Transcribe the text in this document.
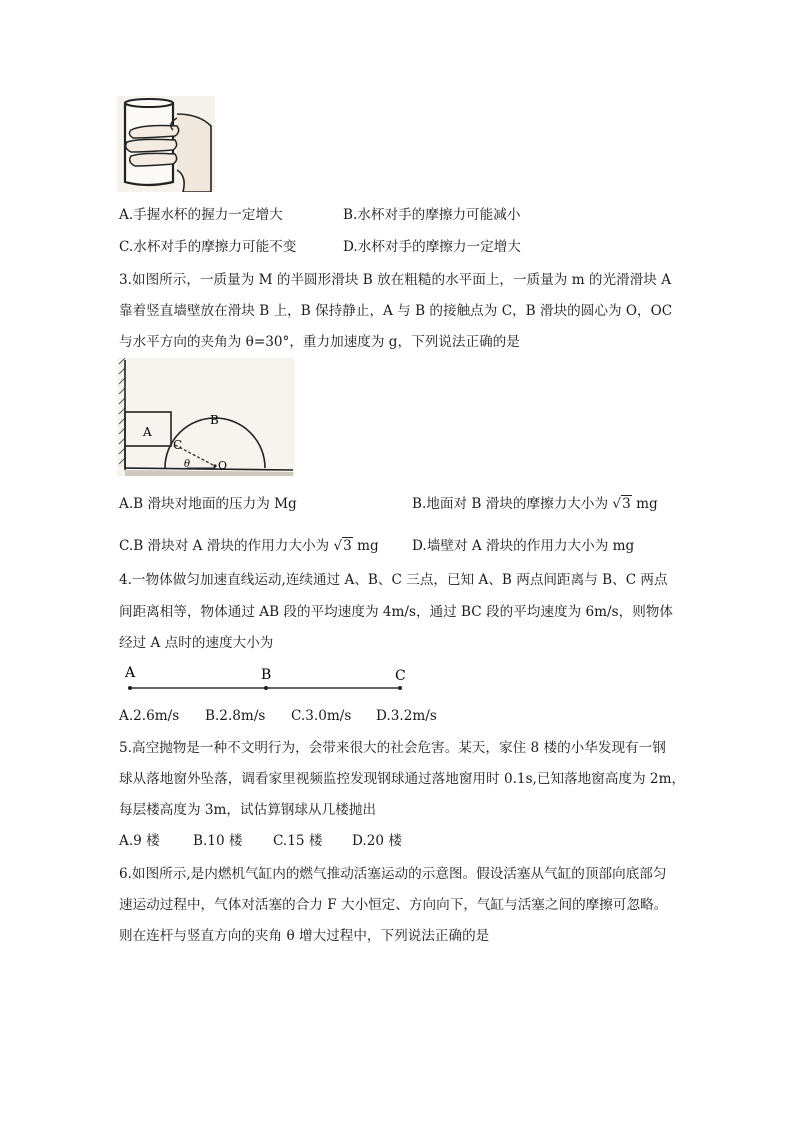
A.手握水杯的握力一定增大	B.水杯对手的摩擦力可能减小
C.水杯对手的摩擦力可能不变	D.水杯对手的摩擦力一定增大
3.如图所示，一质量为 M 的半圆形滑块 B 放在粗糙的水平面上，一质量为 m 的光滑滑块 A
靠着竖直墙壁放在滑块 B 上，B 保持静止，A 与 B 的接触点为 C，B 滑块的圆心为 O，OC
与水平方向的夹角为 θ=30°，重力加速度为 g，下列说法正确的是
A
C
B
O
θ
A.B 滑块对地面的压力为 Mg	B.地面对 B 滑块的摩擦力大小为 √3 mg
C.B 滑块对 A 滑块的作用力大小为 √3 mg D.墙壁对 A 滑块的作用力大小为 mg
4.一物体做匀加速直线运动,连续通过 A、B、C 三点，已知 A、B 两点间距离与 B、C 两点
间距离相等，物体通过 AB 段的平均速度为 4m/s，通过 BC 段的平均速度为 6m/s，则物体
经过 A 点时的速度大小为
A	B	C
A.2.6m/s B.2.8m/s C.3.0m/s D.3.2m/s
5.高空抛物是一种不文明行为，会带来很大的社会危害。某天，家住 8 楼的小华发现有一钢
球从落地窗外坠落，调看家里视频监控发现钢球通过落地窗用时 0.1s,已知落地窗高度为 2m，
每层楼高度为 3m，试估算钢球从几楼抛出
A.9 楼 B.10 楼 C.15 楼 D.20 楼
6.如图所示,是内燃机气缸内的燃气推动活塞运动的示意图。假设活塞从气缸的顶部向底部匀
速运动过程中，气体对活塞的合力 F 大小恒定、方向向下，气缸与活塞之间的摩擦可忽略。
则在连杆与竖直方向的夹角 θ 增大过程中，下列说法正确的是
